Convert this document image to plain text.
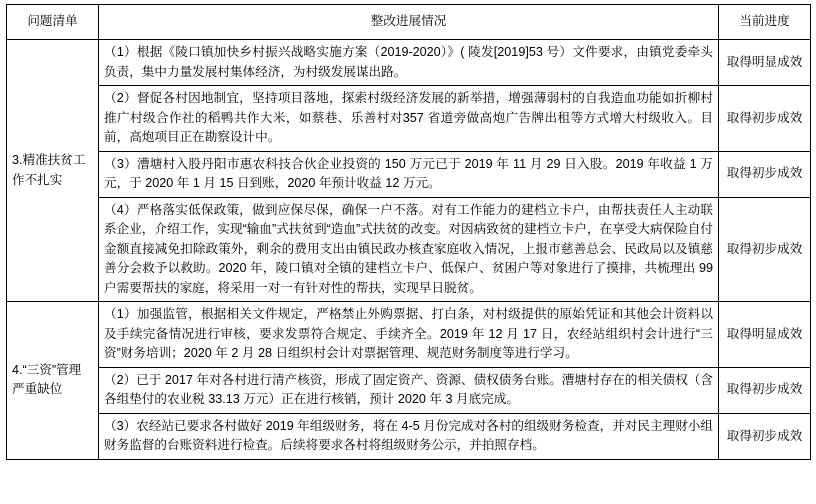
问题清单	整改进展情况	当前进度
3.精准扶贫工作不扎实	（1）根据《陵口镇加快乡村振兴战略实施方案（2019-2020）》( 陵发[2019]53 号）文件要求，由镇党委牵头负责，集中力量发展村集体经济，为村级发展谋出路。	取得明显成效
	（2）督促各村因地制宜，坚持项目落地，探索村级经济发展的新举措，增强薄弱村的自我造血功能如折柳村推广村级合作社的稻鸭共作大米，如蔡巷、乐善村对357 省道旁做高炮广告牌出租等方式增大村级收入。目前，高炮项目正在勘察设计中。	取得初步成效
	（3）漕塘村入股丹阳市惠农科技合伙企业投资的 150 万元已于 2019 年 11 月 29 日入股。2019 年收益 1 万元，于 2020 年 1 月 15 日到账，2020 年预计收益 12 万元。	取得初步成效
	（4）严格落实低保政策，做到应保尽保，确保一户不落。对有工作能力的建档立卡户，由帮扶责任人主动联系企业，介绍工作，实现“输血”式扶贫到“造血”式扶贫的改变。对因病致贫的建档立卡户，在享受大病保险自付金额直接减免扣除政策外，剩余的费用支出由镇民政办核查家庭收入情况，上报市慈善总会、民政局以及镇慈善分会救予以救助。2020 年，陵口镇对全镇的建档立卡户、低保户、贫困户等对象进行了摸排，共梳理出 99 户需要帮扶的家庭，将采用一对一有针对性的帮扶，实现早日脱贫。	取得初步成效
4.“三资”管理严重缺位	（1）加强监管，根据相关文件规定，严格禁止外购票据、打白条，对村级提供的原始凭证和其他会计资料以及手续完备情况进行审核，要求发票符合规定、手续齐全。2019 年 12 月 17 日，农经站组织村会计进行“三资”财务培训；2020 年 2 月 28 日组织村会计对票据管理、规范财务制度等进行学习。	取得明显成效
	（2）已于 2017 年对各村进行清产核资，形成了固定资产、资源、债权债务台账。漕塘村存在的相关债权（含各组垫付的农业税 33.13 万元）正在进行核销，预计 2020 年 3 月底完成。	取得初步成效
	（3）农经站已要求各村做好 2019 年组级财务，将在 4-5 月份完成对各村的组级财务检查，并对民主理财小组财务监督的台账资料进行检查。后续将要求各村将组级财务公示，并拍照存档。	取得初步成效
